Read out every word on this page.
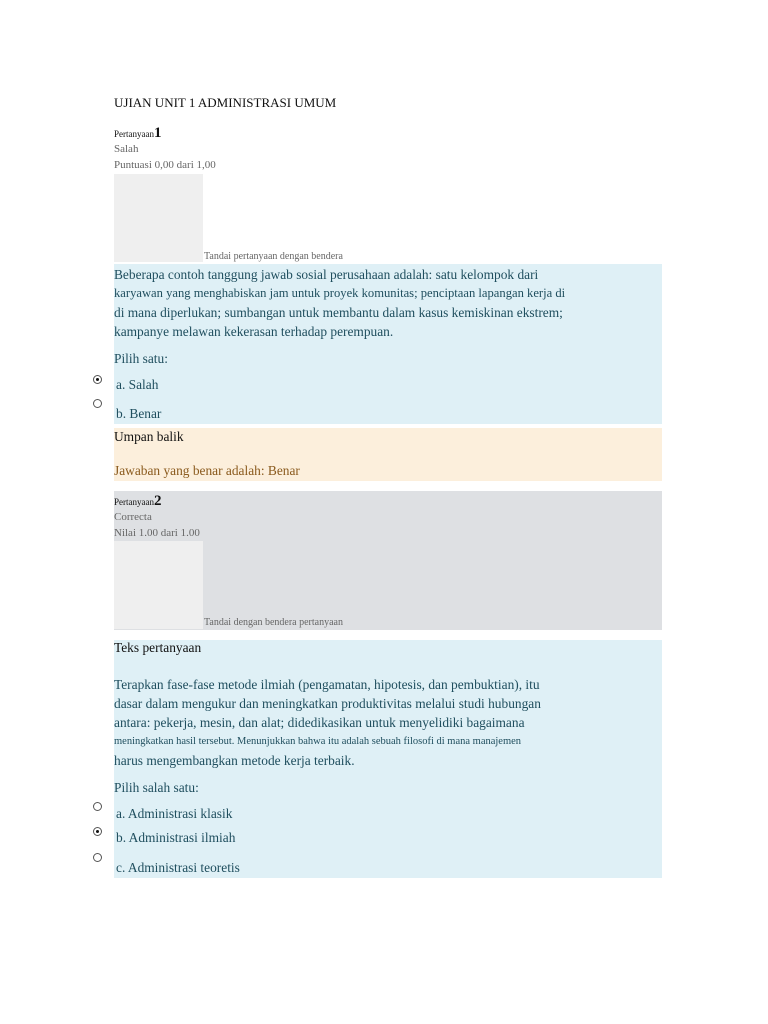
UJIAN UNIT 1 ADMINISTRASI UMUM
Pertanyaan1
Salah
Puntuasi 0,00 dari 1,00
Tandai pertanyaan dengan bendera
Beberapa contoh tanggung jawab sosial perusahaan adalah: satu kelompok dari
karyawan yang menghabiskan jam untuk proyek komunitas; penciptaan lapangan kerja di
di mana diperlukan; sumbangan untuk membantu dalam kasus kemiskinan ekstrem;
kampanye melawan kekerasan terhadap perempuan.
Pilih satu:
a. Salah
b. Benar
Umpan balik
Jawaban yang benar adalah: Benar
Pertanyaan2
Correcta
Nilai 1.00 dari 1.00
Tandai dengan bendera pertanyaan
Teks pertanyaan
Terapkan fase-fase metode ilmiah (pengamatan, hipotesis, dan pembuktian), itu
dasar dalam mengukur dan meningkatkan produktivitas melalui studi hubungan
antara: pekerja, mesin, dan alat; didedikasikan untuk menyelidiki bagaimana
meningkatkan hasil tersebut. Menunjukkan bahwa itu adalah sebuah filosofi di mana manajemen
harus mengembangkan metode kerja terbaik.
Pilih salah satu:
a. Administrasi klasik
b. Administrasi ilmiah
c. Administrasi teoretis
